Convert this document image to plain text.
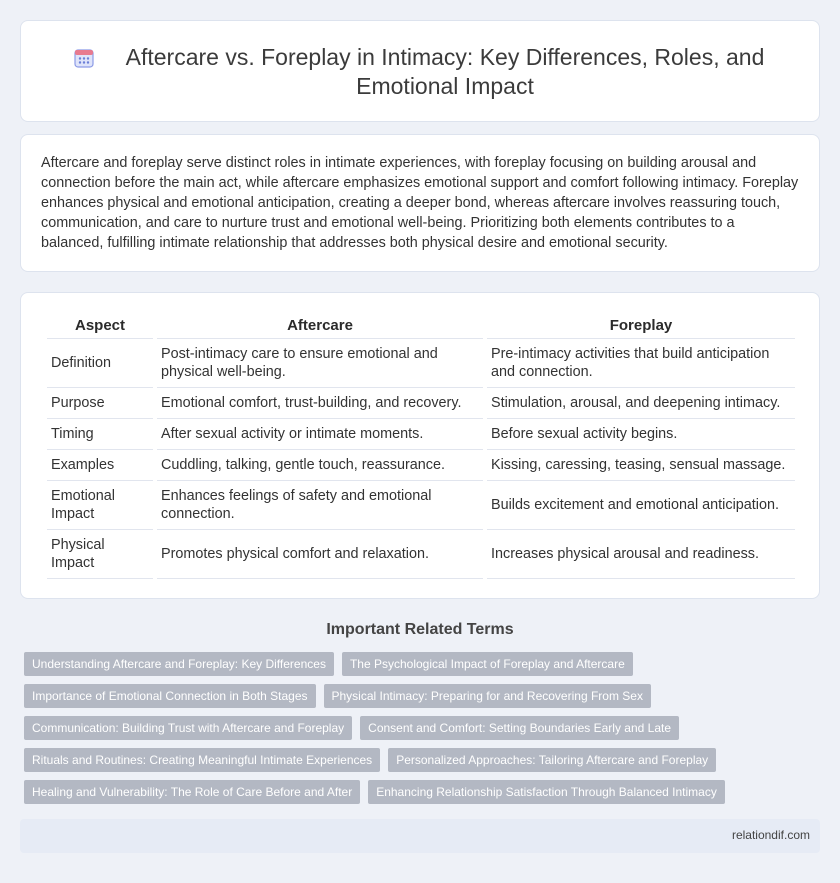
Aftercare vs. Foreplay in Intimacy: Key Differences, Roles, and Emotional Impact

Aftercare and foreplay serve distinct roles in intimate experiences, with foreplay focusing on building arousal and connection before the main act, while aftercare emphasizes emotional support and comfort following intimacy. Foreplay enhances physical and emotional anticipation, creating a deeper bond, whereas aftercare involves reassuring touch, communication, and care to nurture trust and emotional well-being. Prioritizing both elements contributes to a balanced, fulfilling intimate relationship that addresses both physical desire and emotional security.

Aspect	Aftercare	Foreplay
Definition	Post-intimacy care to ensure emotional and physical well-being.	Pre-intimacy activities that build anticipation and connection.
Purpose	Emotional comfort, trust-building, and recovery.	Stimulation, arousal, and deepening intimacy.
Timing	After sexual activity or intimate moments.	Before sexual activity begins.
Examples	Cuddling, talking, gentle touch, reassurance.	Kissing, caressing, teasing, sensual massage.
Emotional Impact	Enhances feelings of safety and emotional connection.	Builds excitement and emotional anticipation.
Physical Impact	Promotes physical comfort and relaxation.	Increases physical arousal and readiness.
Important Related Terms
Understanding Aftercare and Foreplay: Key Differences	The Psychological Impact of Foreplay and Aftercare
Importance of Emotional Connection in Both Stages	Physical Intimacy: Preparing for and Recovering From Sex
Communication: Building Trust with Aftercare and Foreplay	Consent and Comfort: Setting Boundaries Early and Late
Rituals and Routines: Creating Meaningful Intimate Experiences	Personalized Approaches: Tailoring Aftercare and Foreplay
Healing and Vulnerability: The Role of Care Before and After	Enhancing Relationship Satisfaction Through Balanced Intimacy
relationdif.com
